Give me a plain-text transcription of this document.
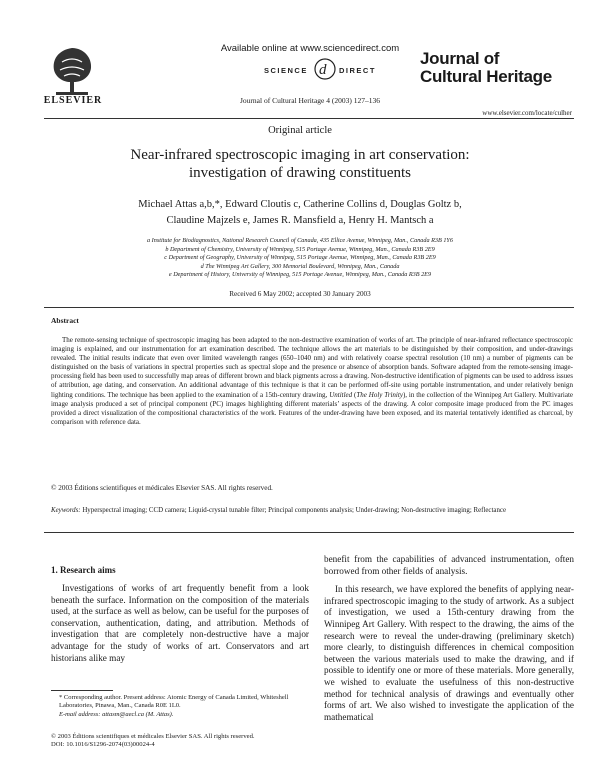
ELSEVIER
Available online at www.sciencedirect.com
SCIENCE d DIRECT
Journal of Cultural Heritage 4 (2003) 127–136
Journal of
Cultural Heritage
www.elsevier.com/locate/culher
Original article
Near-infrared spectroscopic imaging in art conservation:
investigation of drawing constituents
Michael Attas a,b,*, Edward Cloutis c, Catherine Collins d, Douglas Goltz b,
Claudine Majzels e, James R. Mansfield a, Henry H. Mantsch a
a Institute for Biodiagnostics, National Research Council of Canada, 435 Ellice Avenue, Winnipeg, Man., Canada R3B 1Y6
b Department of Chemistry, University of Winnipeg, 515 Portage Avenue, Winnipeg, Man., Canada R3B 2E9
c Department of Geography, University of Winnipeg, 515 Portage Avenue, Winnipeg, Man., Canada R3B 2E9
d The Winnipeg Art Gallery, 300 Memorial Boulevard, Winnipeg, Man., Canada
e Department of History, University of Winnipeg, 515 Portage Avenue, Winnipeg, Man., Canada R3B 2E9
Received 6 May 2002; accepted 30 January 2003
Abstract
The remote-sensing technique of spectroscopic imaging has been adapted to the non-destructive examination of works of art. The principle of near-infrared reflectance spectroscopic imaging is explained, and our instrumentation for art examination described. The technique allows the art materials to be distinguished by their composition, and under-drawings revealed. The initial results indicate that even over limited wavelength ranges (650–1040 nm) and with relatively coarse spectral resolution (10 nm) a number of pigments can be distinguished on the basis of variations in spectral properties such as spectral slope and the presence or absence of absorption bands. Software adapted from the remote-sensing image-processing field has been used to successfully map areas of different brown and black pigments across a drawing. Non-destructive identification of pigments can be used to address issues of attribution, age dating, and conservation. An additional advantage of this technique is that it can be performed off-site using portable instrumentation, and under relatively benign lighting conditions. The technique has been applied to the examination of a 15th-century drawing, Untitled (The Holy Trinity), in the collection of the Winnipeg Art Gallery. Multivariate image analysis produced a set of principal component (PC) images highlighting different materials’ aspects of the drawing. A color composite image produced from the PC images provided a direct visualization of the compositional characteristics of the work. Features of the under-drawing have been exposed, and its material tentatively identified as charcoal, by comparison with reference data.
© 2003 Éditions scientifiques et médicales Elsevier SAS. All rights reserved.
Keywords: Hyperspectral imaging; CCD camera; Liquid-crystal tunable filter; Principal components analysis; Under-drawing; Non-destructive imaging; Reflectance
1. Research aims
Investigations of works of art frequently benefit from a look beneath the surface. Information on the composition of the materials used, at the surface as well as below, can be useful for the purposes of conservation, authentication, dating, and attribution. Methods of investigation that are completely non-destructive have a major advantage for the study of works of art. Conservators and art historians alike may

benefit from the capabilities of advanced instrumentation, often borrowed from other fields of analysis.

In this research, we have explored the benefits of applying near-infrared spectroscopic imaging to the study of artwork. As a subject of investigation, we used a 15th-century drawing from the Winnipeg Art Gallery. With respect to the drawing, the aims of the research were to reveal the under-drawing (preliminary sketch) more clearly, to distinguish differences in chemical composition between the various materials used to make the drawing, and if possible to identify one or more of these materials. More generally, we wished to evaluate the usefulness of this non-destructive method for technical analysis of drawings and eventually other forms of art. We also wished to investigate the application of the mathematical

* Corresponding author. Present address: Atomic Energy of Canada Limited, Whiteshell Laboratories, Pinawa, Man., Canada R0E 1L0.
E-mail address: attasm@aecl.ca (M. Attas).
© 2003 Éditions scientifiques et médicales Elsevier SAS. All rights reserved.
DOI: 10.1016/S1296-2074(03)00024-4
